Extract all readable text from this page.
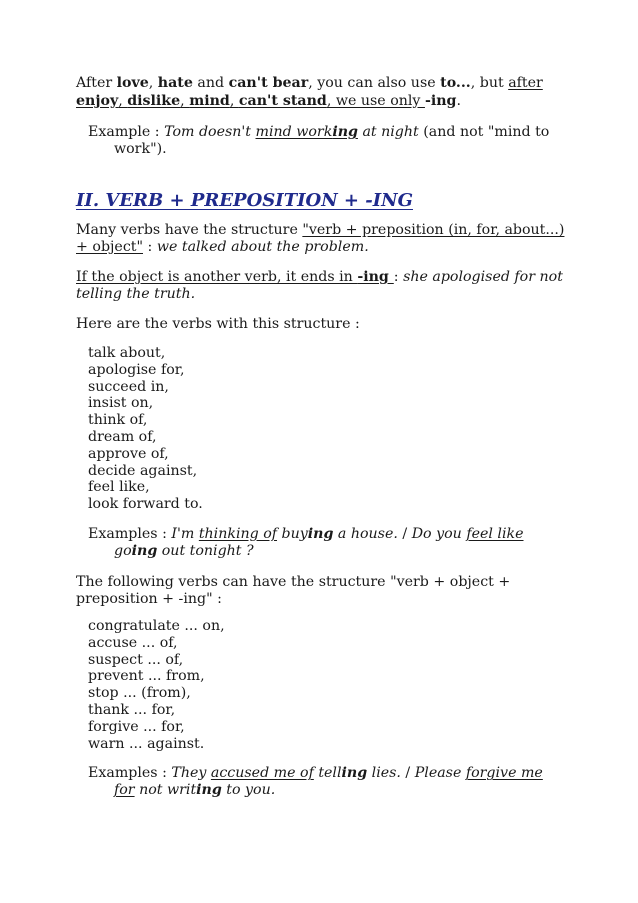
After love, hate and can't bear, you can also use to..., but after enjoy, dislike, mind, can't stand, we use only -ing.

Example : Tom doesn't mind working at night (and not "mind to work").

II. VERB + PREPOSITION + -ING

Many verbs have the structure "verb + preposition (in, for, about...) + object" : we talked about the problem.

If the object is another verb, it ends in -ing : she apologised for not telling the truth.

Here are the verbs with this structure :

talk about,
apologise for,
succeed in,
insist on,
think of,
dream of,
approve of,
decide against,
feel like,
look forward to.

Examples : I'm thinking of buying a house. / Do you feel like going out tonight ?

The following verbs can have the structure "verb + object + preposition + -ing" :

congratulate ... on,
accuse ... of,
suspect ... of,
prevent ... from,
stop ... (from),
thank ... for,
forgive ... for,
warn ... against.

Examples : They accused me of telling lies. / Please forgive me for not writing to you.
